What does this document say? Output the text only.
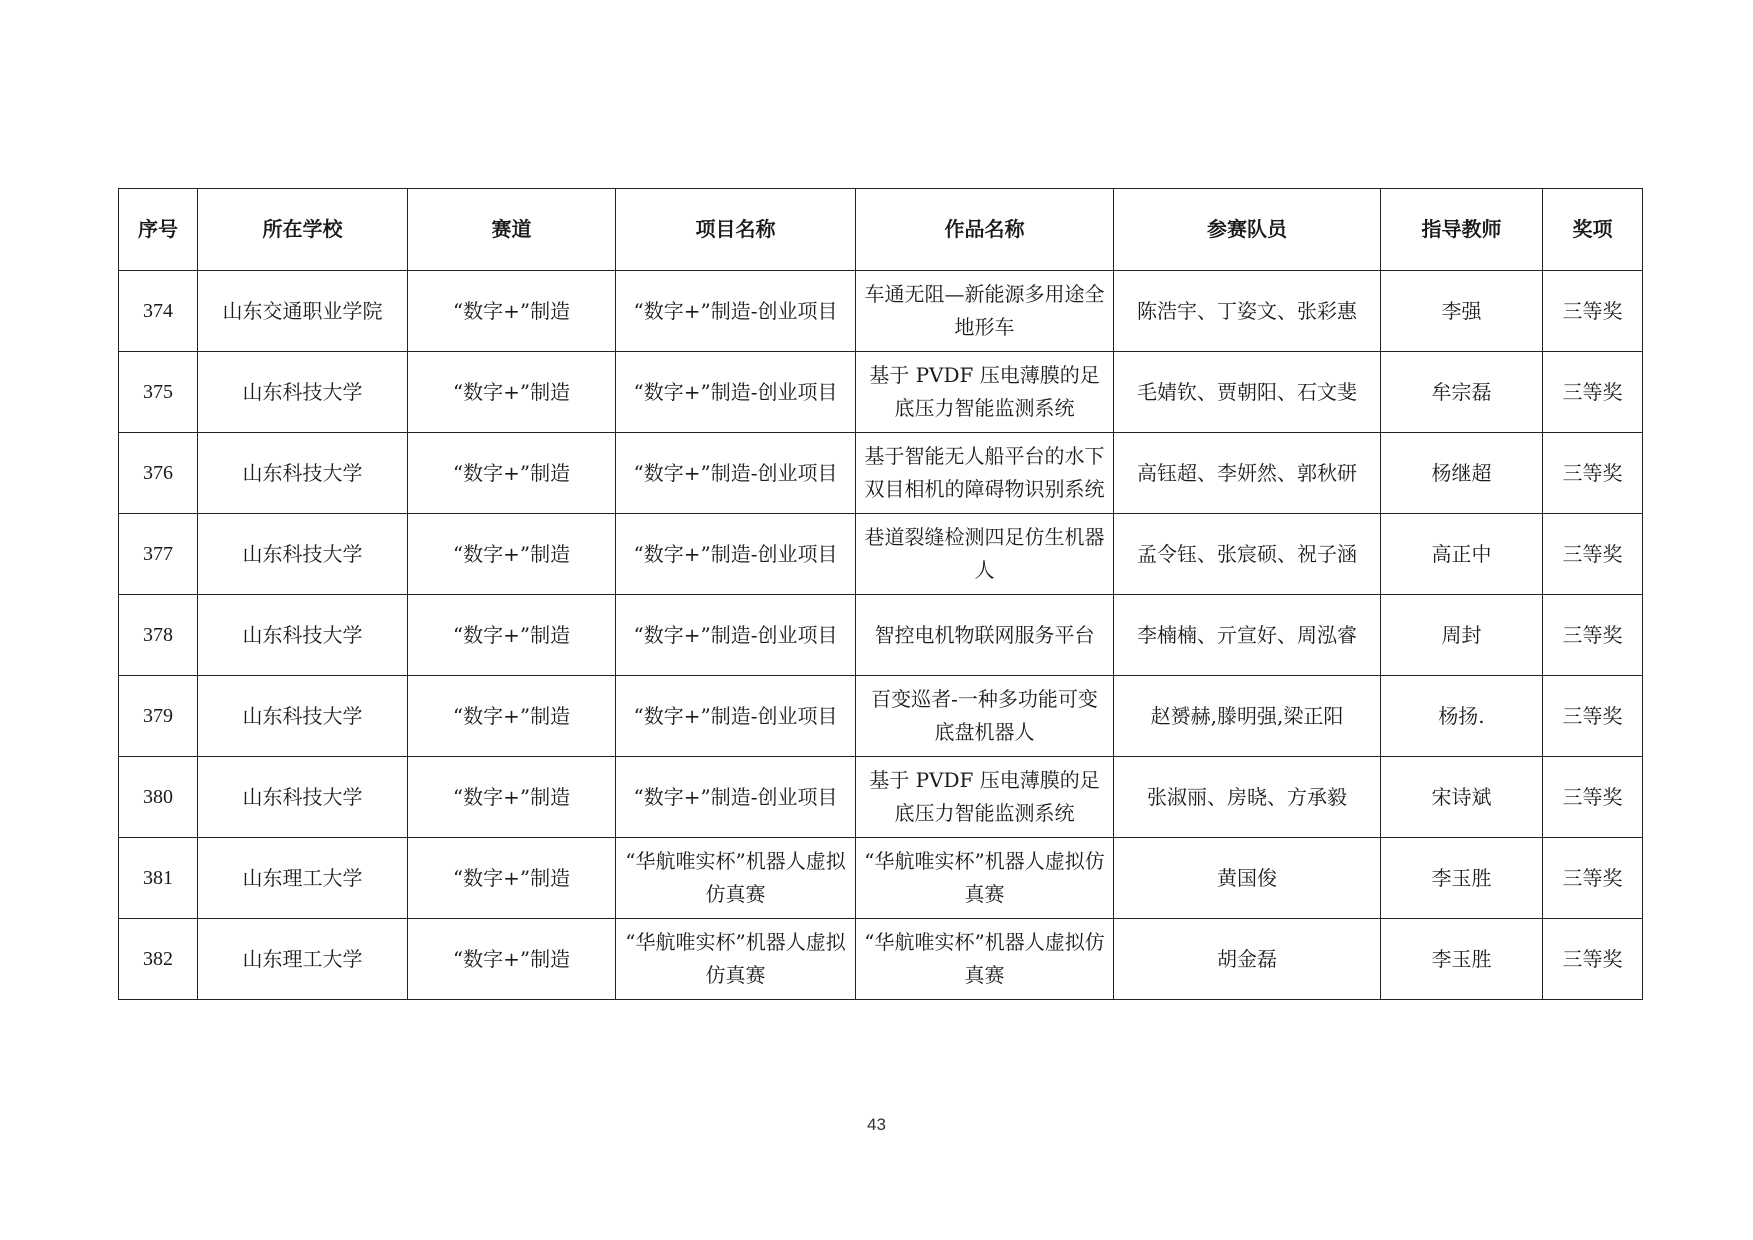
序号	所在学校	赛道	项目名称	作品名称	参赛队员	指导教师	奖项
374	山东交通职业学院	“数字+”制造	“数字+”制造-创业项目	车通无阻—新能源多用途全地形车	陈浩宇、丁姿文、张彩惠	李强	三等奖
375	山东科技大学	“数字+”制造	“数字+”制造-创业项目	基于 PVDF 压电薄膜的足底压力智能监测系统	毛婧钦、贾朝阳、石文斐	牟宗磊	三等奖
376	山东科技大学	“数字+”制造	“数字+”制造-创业项目	基于智能无人船平台的水下双目相机的障碍物识别系统	高钰超、李妍然、郭秋研	杨继超	三等奖
377	山东科技大学	“数字+”制造	“数字+”制造-创业项目	巷道裂缝检测四足仿生机器人	孟令钰、张宸硕、祝子涵	高正中	三等奖
378	山东科技大学	“数字+”制造	“数字+”制造-创业项目	智控电机物联网服务平台	李楠楠、亓宣好、周泓睿	周封	三等奖
379	山东科技大学	“数字+”制造	“数字+”制造-创业项目	百变巡者-一种多功能可变底盘机器人	赵赟赫,滕明强,梁正阳	杨扬.	三等奖
380	山东科技大学	“数字+”制造	“数字+”制造-创业项目	基于 PVDF 压电薄膜的足底压力智能监测系统	张淑丽、房晓、方承毅	宋诗斌	三等奖
381	山东理工大学	“数字+”制造	“华航唯实杯”机器人虚拟仿真赛	“华航唯实杯”机器人虚拟仿真赛	黄国俊	李玉胜	三等奖
382	山东理工大学	“数字+”制造	“华航唯实杯”机器人虚拟仿真赛	“华航唯实杯”机器人虚拟仿真赛	胡金磊	李玉胜	三等奖
43
